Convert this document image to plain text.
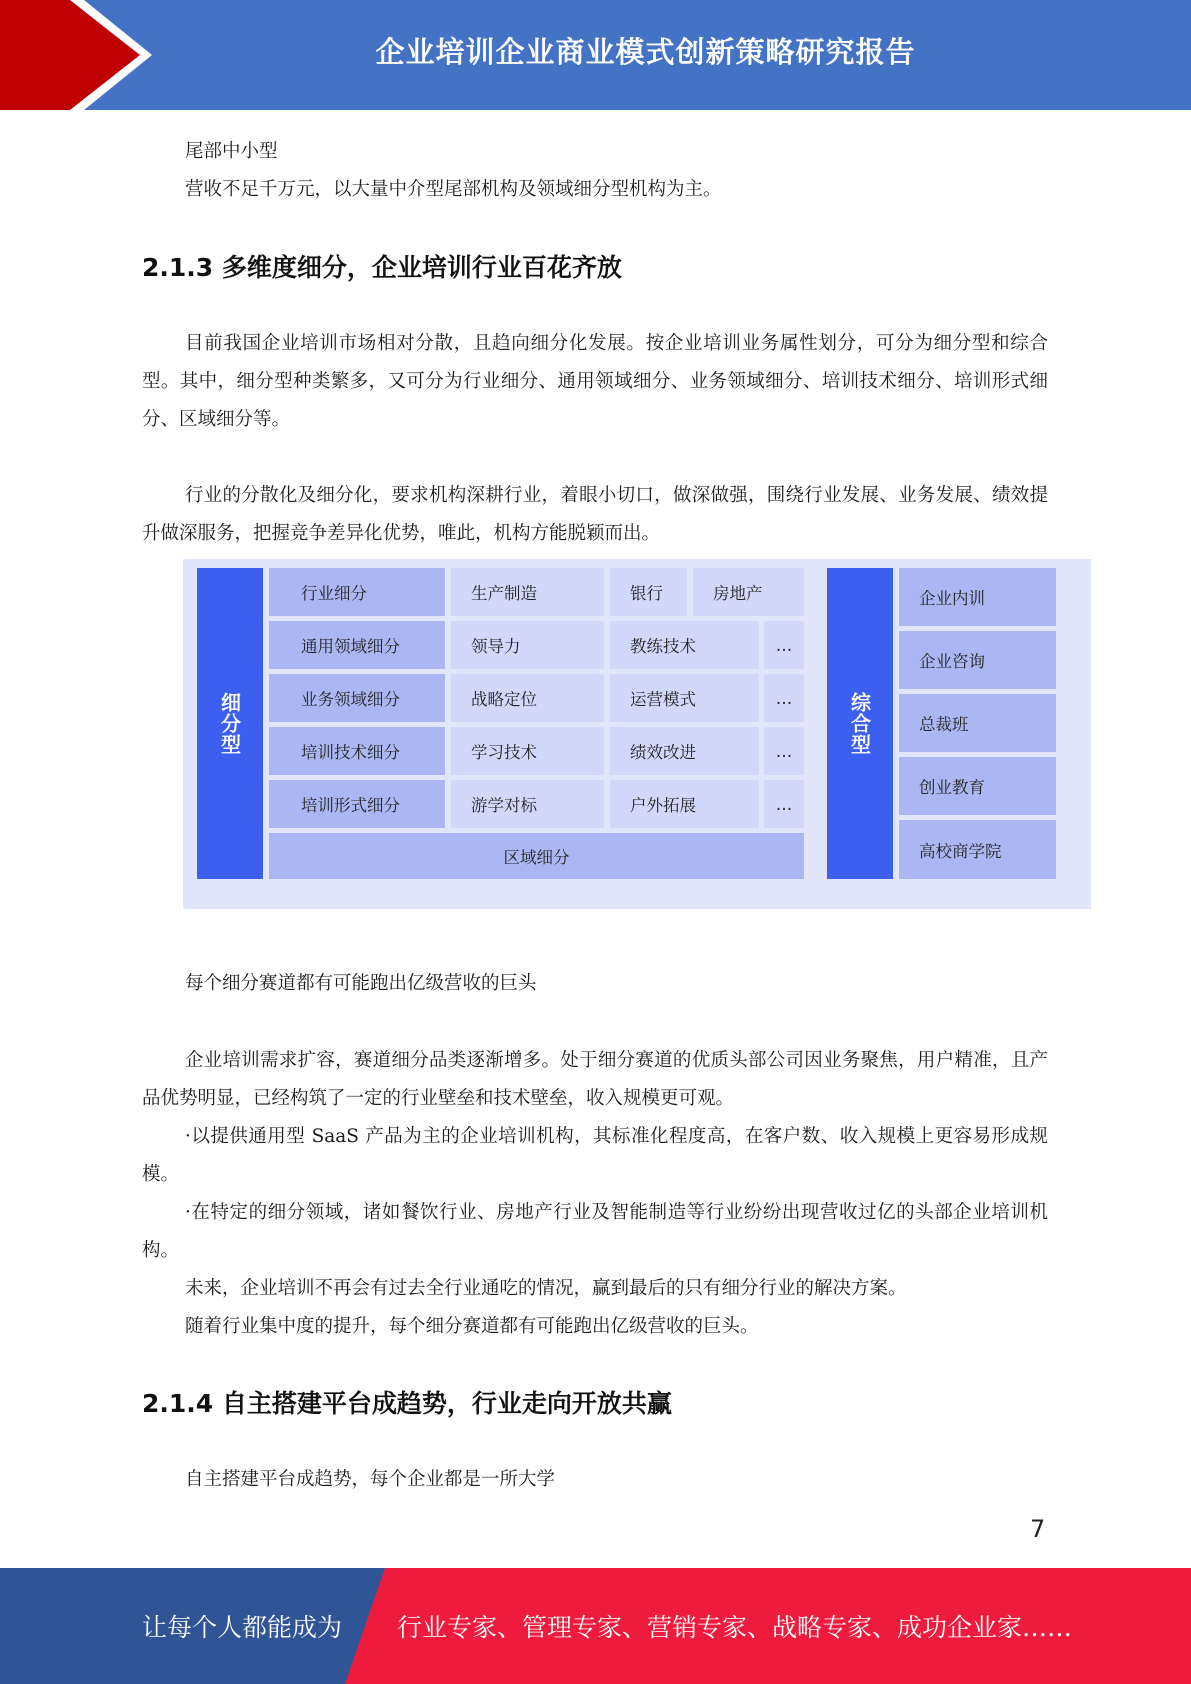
企业培训企业商业模式创新策略研究报告
尾部中小型
营收不足千万元，以大量中介型尾部机构及领域细分型机构为主。
2.1.3 多维度细分，企业培训行业百花齐放
目前我国企业培训市场相对分散，且趋向细分化发展。按企业培训业务属性划分，可分为细分型和综合型。其中，细分型种类繁多，又可分为行业细分、通用领域细分、业务领域细分、培训技术细分、培训形式细分、区域细分等。
行业的分散化及细分化，要求机构深耕行业，着眼小切口，做深做强，围绕行业发展、业务发展、绩效提升做深服务，把握竞争差异化优势，唯此，机构方能脱颖而出。
细分型
行业细分	生产制造	银行	房地产
通用领域细分	领导力	教练技术	…
业务领域细分	战略定位	运营模式	…
培训技术细分	学习技术	绩效改进	…
培训形式细分	游学对标	户外拓展	…
区域细分
综合型
企业内训
企业咨询
总裁班
创业教育
高校商学院
每个细分赛道都有可能跑出亿级营收的巨头
企业培训需求扩容，赛道细分品类逐渐增多。处于细分赛道的优质头部公司因业务聚焦，用户精准，且产品优势明显，已经构筑了一定的行业壁垒和技术壁垒，收入规模更可观。
·以提供通用型 SaaS 产品为主的企业培训机构，其标准化程度高，在客户数、收入规模上更容易形成规模。
·在特定的细分领域，诸如餐饮行业、房地产行业及智能制造等行业纷纷出现营收过亿的头部企业培训机构。
未来，企业培训不再会有过去全行业通吃的情况，赢到最后的只有细分行业的解决方案。
随着行业集中度的提升，每个细分赛道都有可能跑出亿级营收的巨头。
2.1.4 自主搭建平台成趋势，行业走向开放共赢
自主搭建平台成趋势，每个企业都是一所大学
7
让每个人都能成为 行业专家、管理专家、营销专家、战略专家、成功企业家……
